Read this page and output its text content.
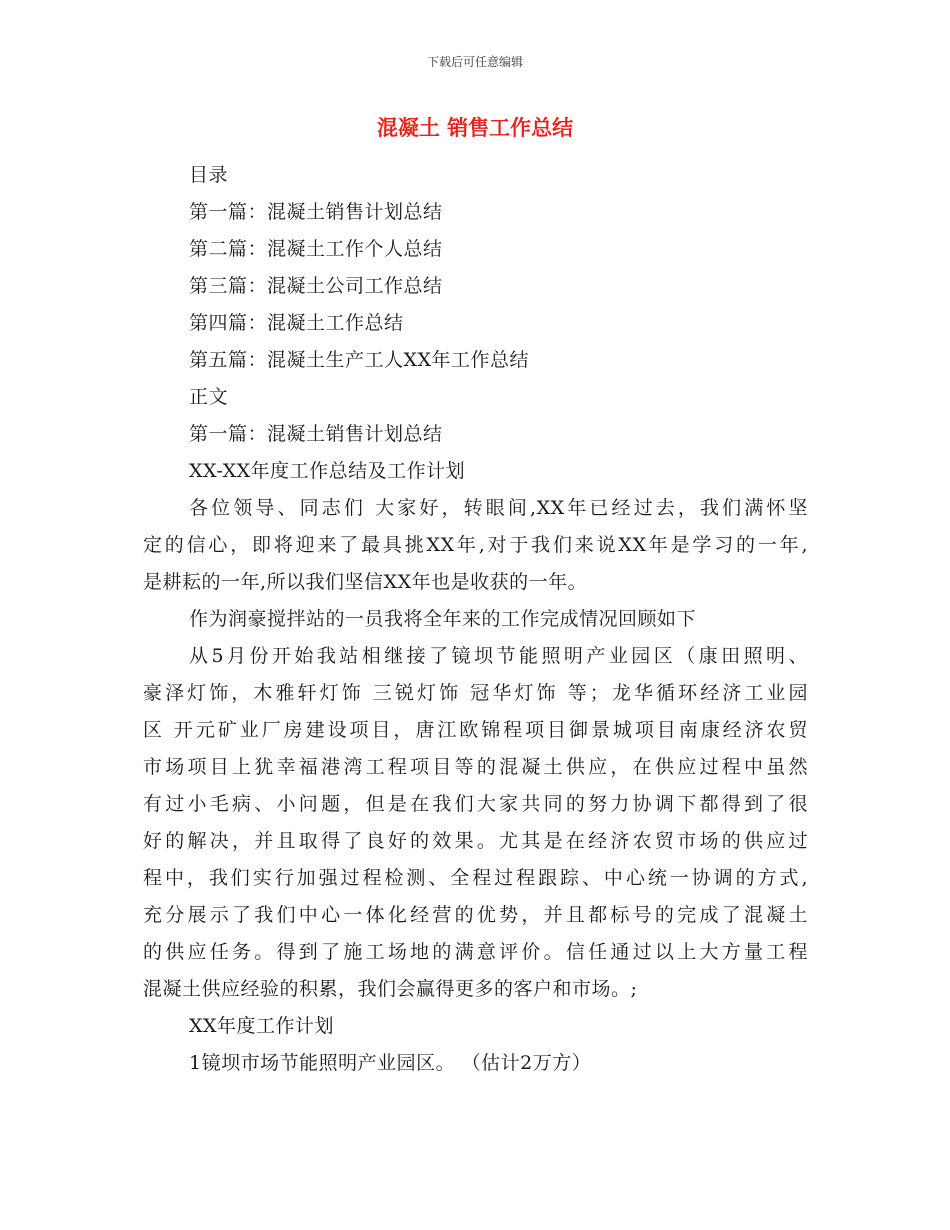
下载后可任意编辑
混凝土 销售工作总结
目录
第一篇：混凝土销售计划总结
第二篇：混凝土工作个人总结
第三篇：混凝土公司工作总结
第四篇：混凝土工作总结
第五篇：混凝土生产工人XX年工作总结
正文
第一篇：混凝土销售计划总结
XX-XX年度工作总结及工作计划
各位领导、同志们 大家好，转眼间,XX年已经过去，我们满怀坚
定的信心，即将迎来了最具挑XX年,对于我们来说XX年是学习的一年,
是耕耘的一年,所以我们坚信XX年也是收获的一年。
作为润豪搅拌站的一员我将全年来的工作完成情况回顾如下
从5月份开始我站相继接了镜坝节能照明产业园区（康田照明、
豪泽灯饰，木雅轩灯饰 三锐灯饰 冠华灯饰 等；龙华循环经济工业园
区 开元矿业厂房建设项目，唐江欧锦程项目御景城项目南康经济农贸
市场项目上犹幸福港湾工程项目等的混凝土供应，在供应过程中虽然
有过小毛病、小问题，但是在我们大家共同的努力协调下都得到了很
好的解决，并且取得了良好的效果。尤其是在经济农贸市场的供应过
程中，我们实行加强过程检测、全程过程跟踪、中心统一协调的方式,
充分展示了我们中心一体化经营的优势，并且都标号的完成了混凝土
的供应任务。得到了施工场地的满意评价。信任通过以上大方量工程
混凝土供应经验的积累，我们会赢得更多的客户和市场。;
XX年度工作计划
1镜坝市场节能照明产业园区。 （估计2万方）
